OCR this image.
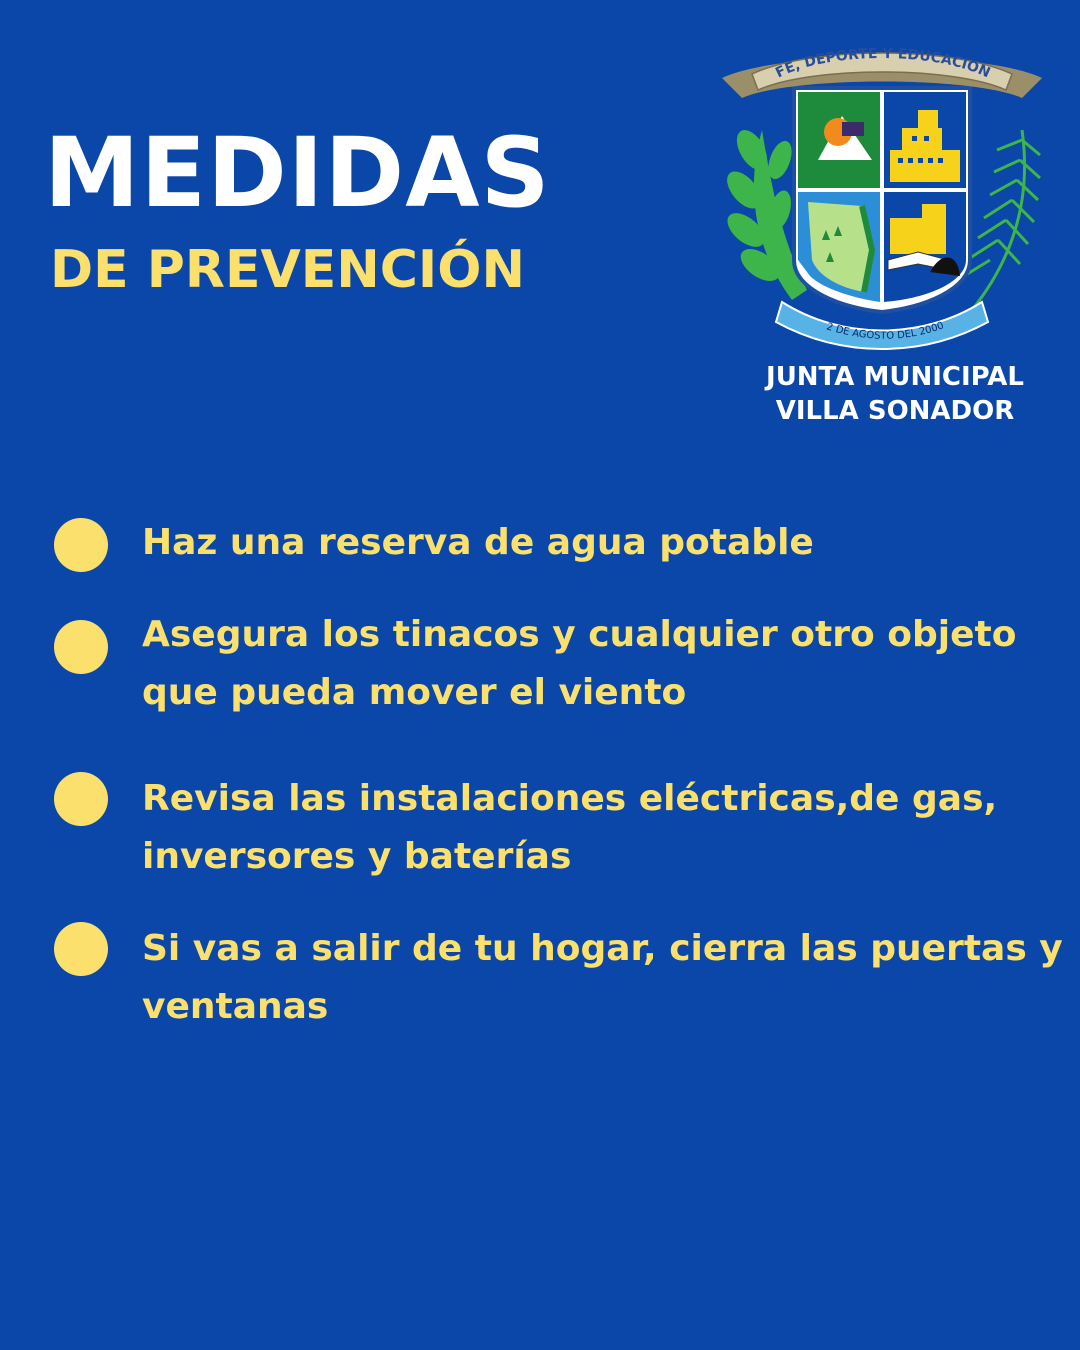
MEDIDAS
DE PREVENCIÓN
FE, DEPORTE Y EDUCACION
2 DE AGOSTO DEL 2000
JUNTA MUNICIPAL
VILLA SONADOR
Haz una reserva de agua potable
Asegura los tinacos y cualquier otro objeto que pueda mover el viento
Revisa las instalaciones eléctricas,de gas, inversores y baterías
Si vas a salir de tu hogar, cierra las puertas y ventanas
